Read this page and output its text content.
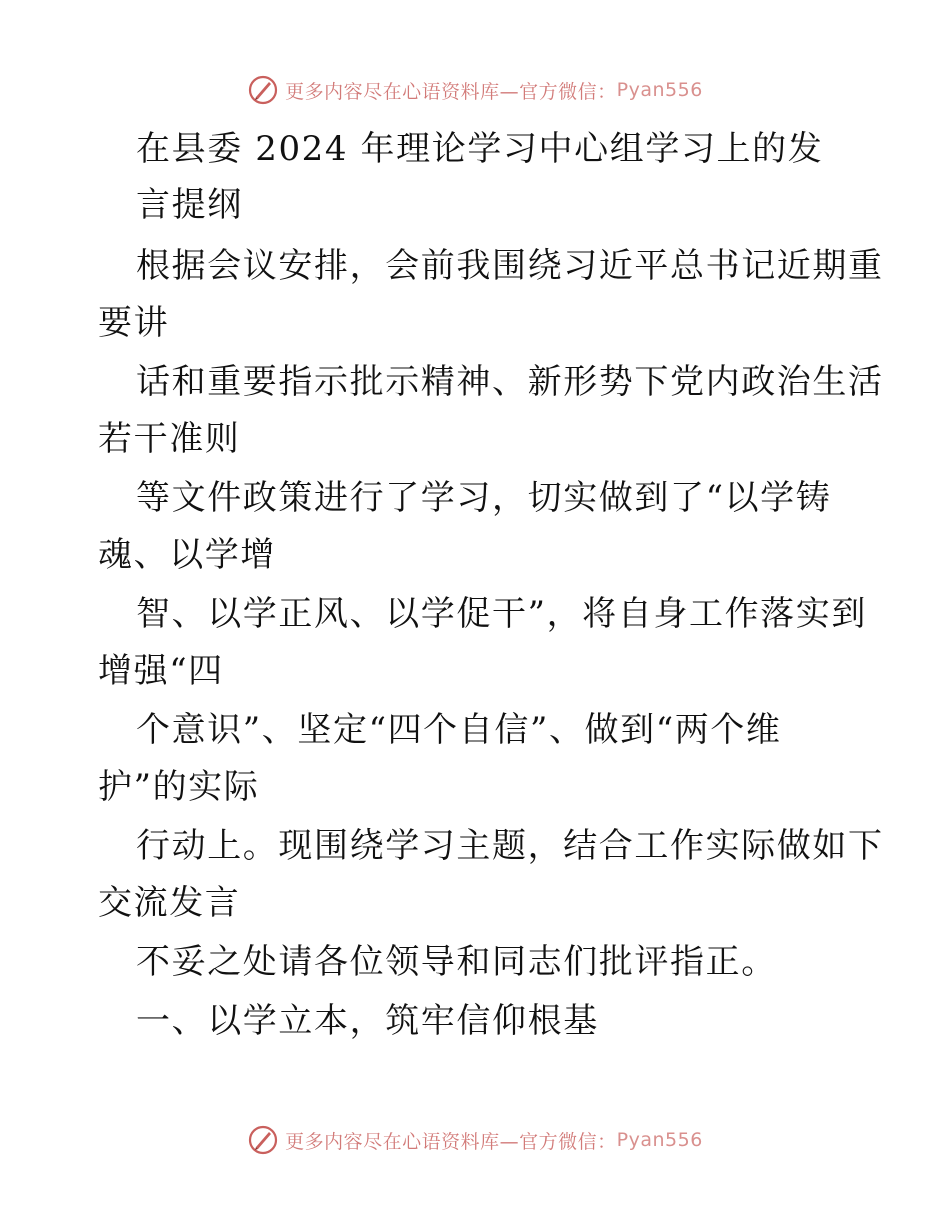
更多内容尽在心语资料库—官方微信： Pyan556
在县委 2024 年理论学习中心组学习上的发
言提纲
根据会议安排，会前我围绕习近平总书记近期重
要讲
话和重要指示批示精神、新形势下党内政治生活
若干准则
等文件政策进行了学习，切实做到了“以学铸
魂、以学增
智、以学正风、以学促干”，将自身工作落实到
增强“四
个意识”、坚定“四个自信”、做到“两个维
护”的实际
行动上。现围绕学习主题，结合工作实际做如下
交流发言
不妥之处请各位领导和同志们批评指正。
一、以学立本，筑牢信仰根基
更多内容尽在心语资料库—官方微信： Pyan556
